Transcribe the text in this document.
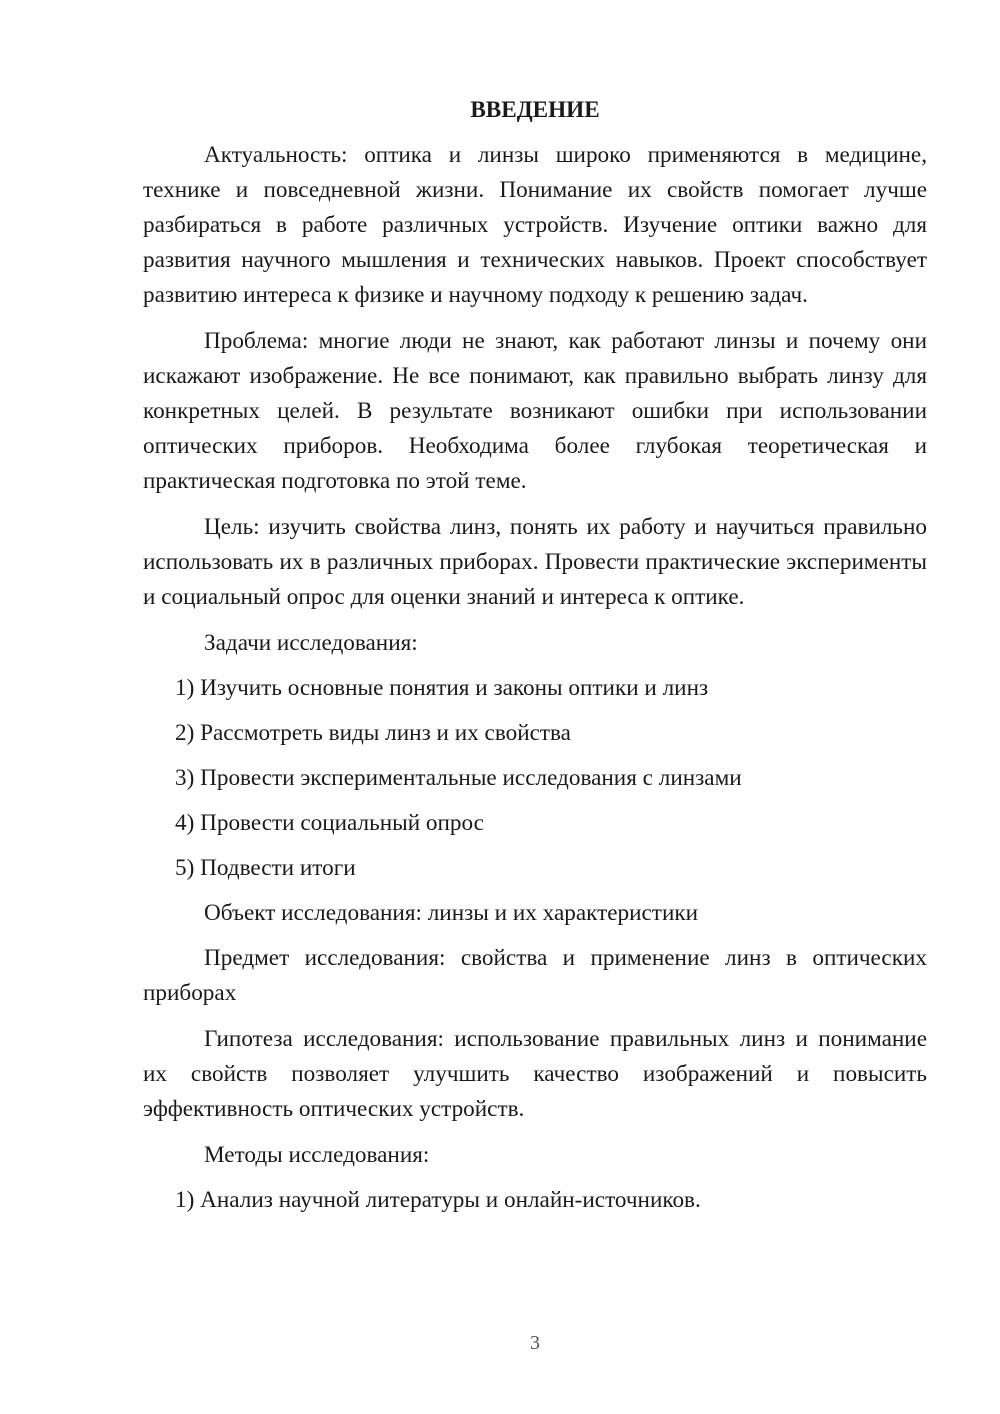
ВВЕДЕНИЕ

Актуальность: оптика и линзы широко применяются в медицине, технике и повседневной жизни. Понимание их свойств помогает лучше разбираться в работе различных устройств. Изучение оптики важно для развития научного мышления и технических навыков. Проект способствует развитию интереса к физике и научному подходу к решению задач.

Проблема: многие люди не знают, как работают линзы и почему они искажают изображение. Не все понимают, как правильно выбрать линзу для конкретных целей. В результате возникают ошибки при использовании оптических приборов. Необходима более глубокая теоретическая и практическая подготовка по этой теме.

Цель: изучить свойства линз, понять их работу и научиться правильно использовать их в различных приборах. Провести практические эксперименты и социальный опрос для оценки знаний и интереса к оптике.

Задачи исследования:
1) Изучить основные понятия и законы оптики и линз
2) Рассмотреть виды линз и их свойства
3) Провести экспериментальные исследования с линзами
4) Провести социальный опрос
5) Подвести итоги
Объект исследования: линзы и их характеристики

Предмет исследования: свойства и применение линз в оптических приборах

Гипотеза исследования: использование правильных линз и понимание их свойств позволяет улучшить качество изображений и повысить эффективность оптических устройств.

Методы исследования:
1) Анализ научной литературы и онлайн-источников.
3
